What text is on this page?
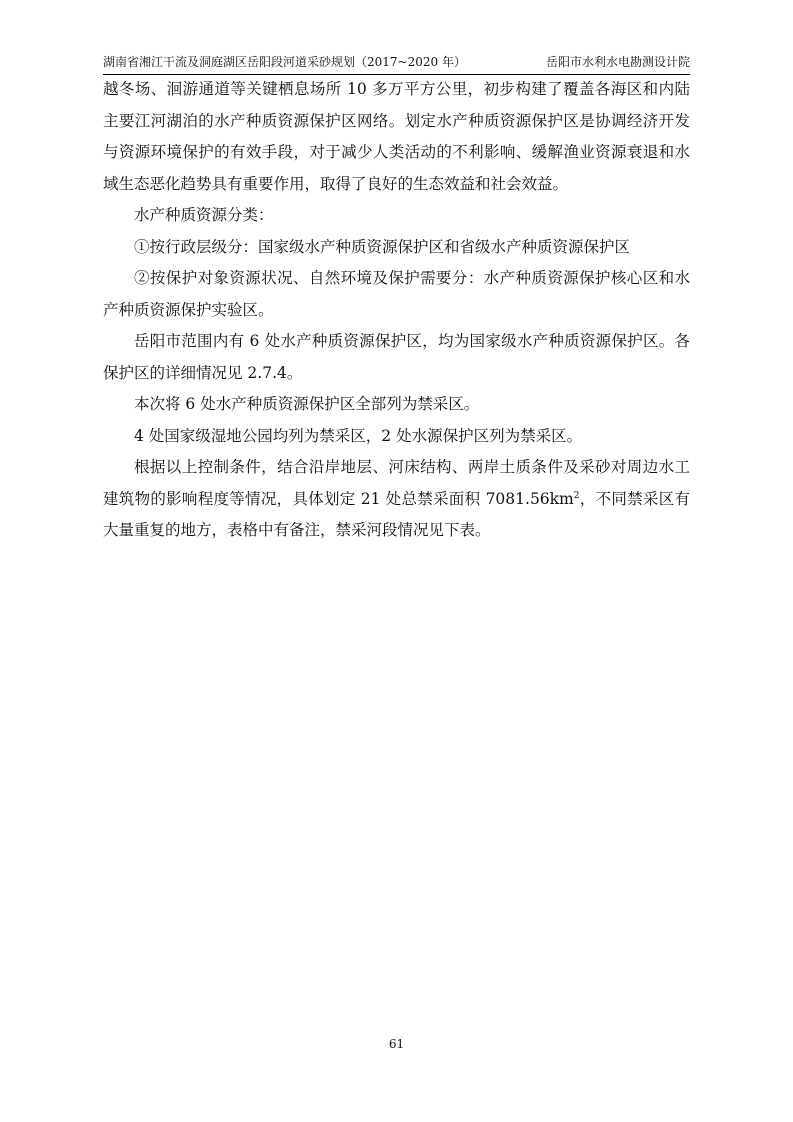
湖南省湘江干流及洞庭湖区岳阳段河道采砂规划（2017~2020 年）	岳阳市水利水电勘测设计院

越冬场、洄游通道等关键栖息场所 10 多万平方公里，初步构建了覆盖各海区和内陆主要江河湖泊的水产种质资源保护区网络。划定水产种质资源保护区是协调经济开发与资源环境保护的有效手段，对于减少人类活动的不利影响、缓解渔业资源衰退和水域生态恶化趋势具有重要作用，取得了良好的生态效益和社会效益。

水产种质资源分类：

①按行政层级分：国家级水产种质资源保护区和省级水产种质资源保护区

②按保护对象资源状况、自然环境及保护需要分：水产种质资源保护核心区和水产种质资源保护实验区。

岳阳市范围内有 6 处水产种质资源保护区，均为国家级水产种质资源保护区。各保护区的详细情况见 2.7.4。

本次将 6 处水产种质资源保护区全部列为禁采区。

4 处国家级湿地公园均列为禁采区，2 处水源保护区列为禁采区。

根据以上控制条件，结合沿岸地层、河床结构、两岸土质条件及采砂对周边水工建筑物的影响程度等情况，具体划定 21 处总禁采面积 $7081.56km^2$，不同禁采区有大量重复的地方，表格中有备注，禁采河段情况见下表。

61
